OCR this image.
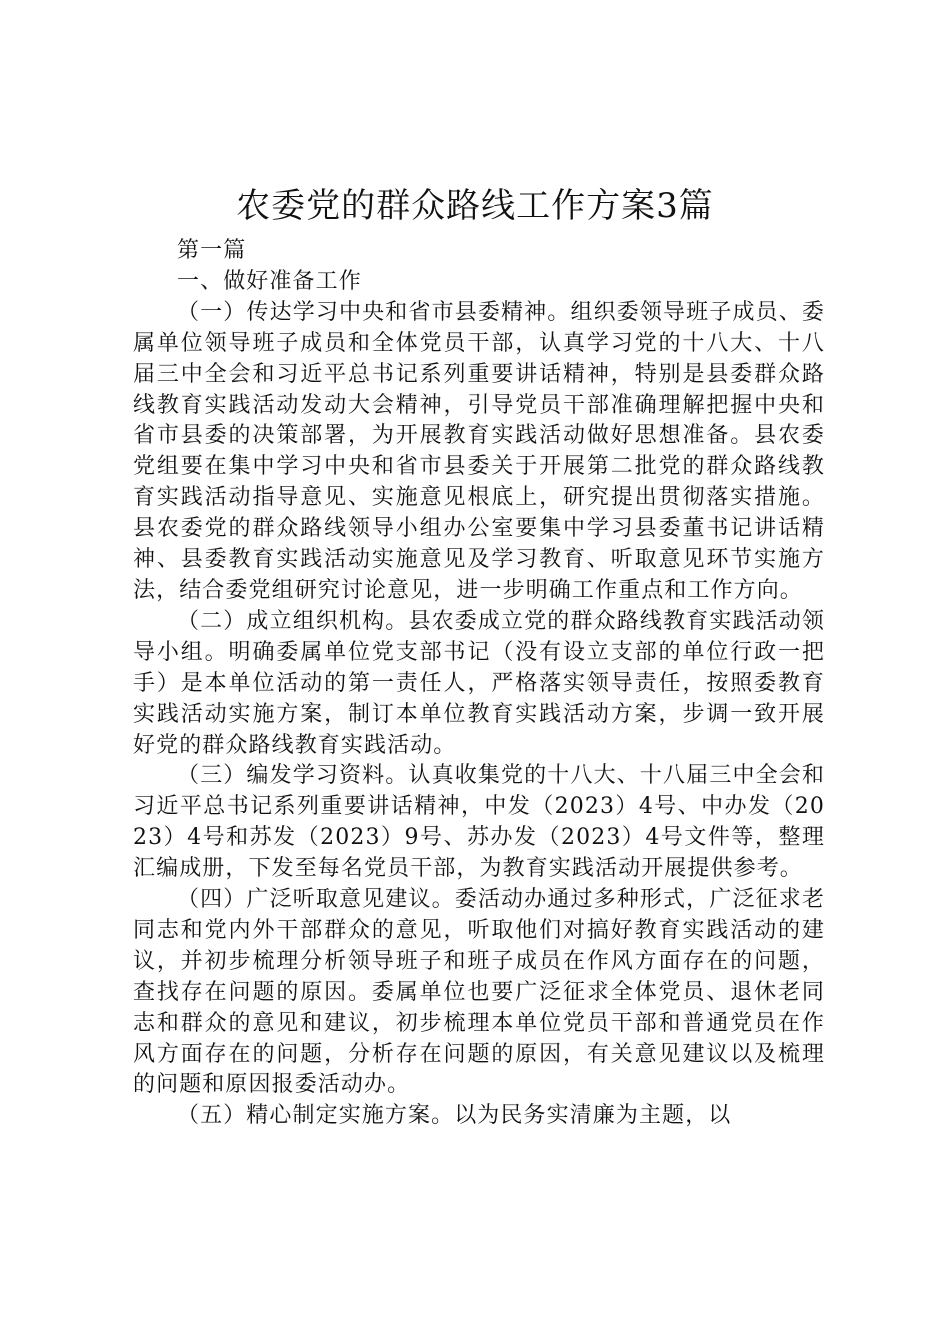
农委党的群众路线工作方案3篇

第一篇

一、做好准备工作

（一）传达学习中央和省市县委精神。组织委领导班子成员、委属单位领导班子成员和全体党员干部，认真学习党的十八大、十八届三中全会和习近平总书记系列重要讲话精神，特别是县委群众路线教育实践活动发动大会精神，引导党员干部准确理解把握中央和省市县委的决策部署，为开展教育实践活动做好思想准备。县农委党组要在集中学习中央和省市县委关于开展第二批党的群众路线教育实践活动指导意见、实施意见根底上，研究提出贯彻落实措施。县农委党的群众路线领导小组办公室要集中学习县委董书记讲话精神、县委教育实践活动实施意见及学习教育、听取意见环节实施方法，结合委党组研究讨论意见，进一步明确工作重点和工作方向。

（二）成立组织机构。县农委成立党的群众路线教育实践活动领导小组。明确委属单位党支部书记（没有设立支部的单位行政一把手）是本单位活动的第一责任人，严格落实领导责任，按照委教育实践活动实施方案，制订本单位教育实践活动方案，步调一致开展好党的群众路线教育实践活动。

（三）编发学习资料。认真收集党的十八大、十八届三中全会和习近平总书记系列重要讲话精神，中发（2023）4号、中办发（2023）4号和苏发（2023）9号、苏办发（2023）4号文件等，整理汇编成册，下发至每名党员干部，为教育实践活动开展提供参考。

（四）广泛听取意见建议。委活动办通过多种形式，广泛征求老同志和党内外干部群众的意见，听取他们对搞好教育实践活动的建议，并初步梳理分析领导班子和班子成员在作风方面存在的问题，查找存在问题的原因。委属单位也要广泛征求全体党员、退休老同志和群众的意见和建议，初步梳理本单位党员干部和普通党员在作风方面存在的问题，分析存在问题的原因，有关意见建议以及梳理的问题和原因报委活动办。

（五）精心制定实施方案。以为民务实清廉为主题，以
